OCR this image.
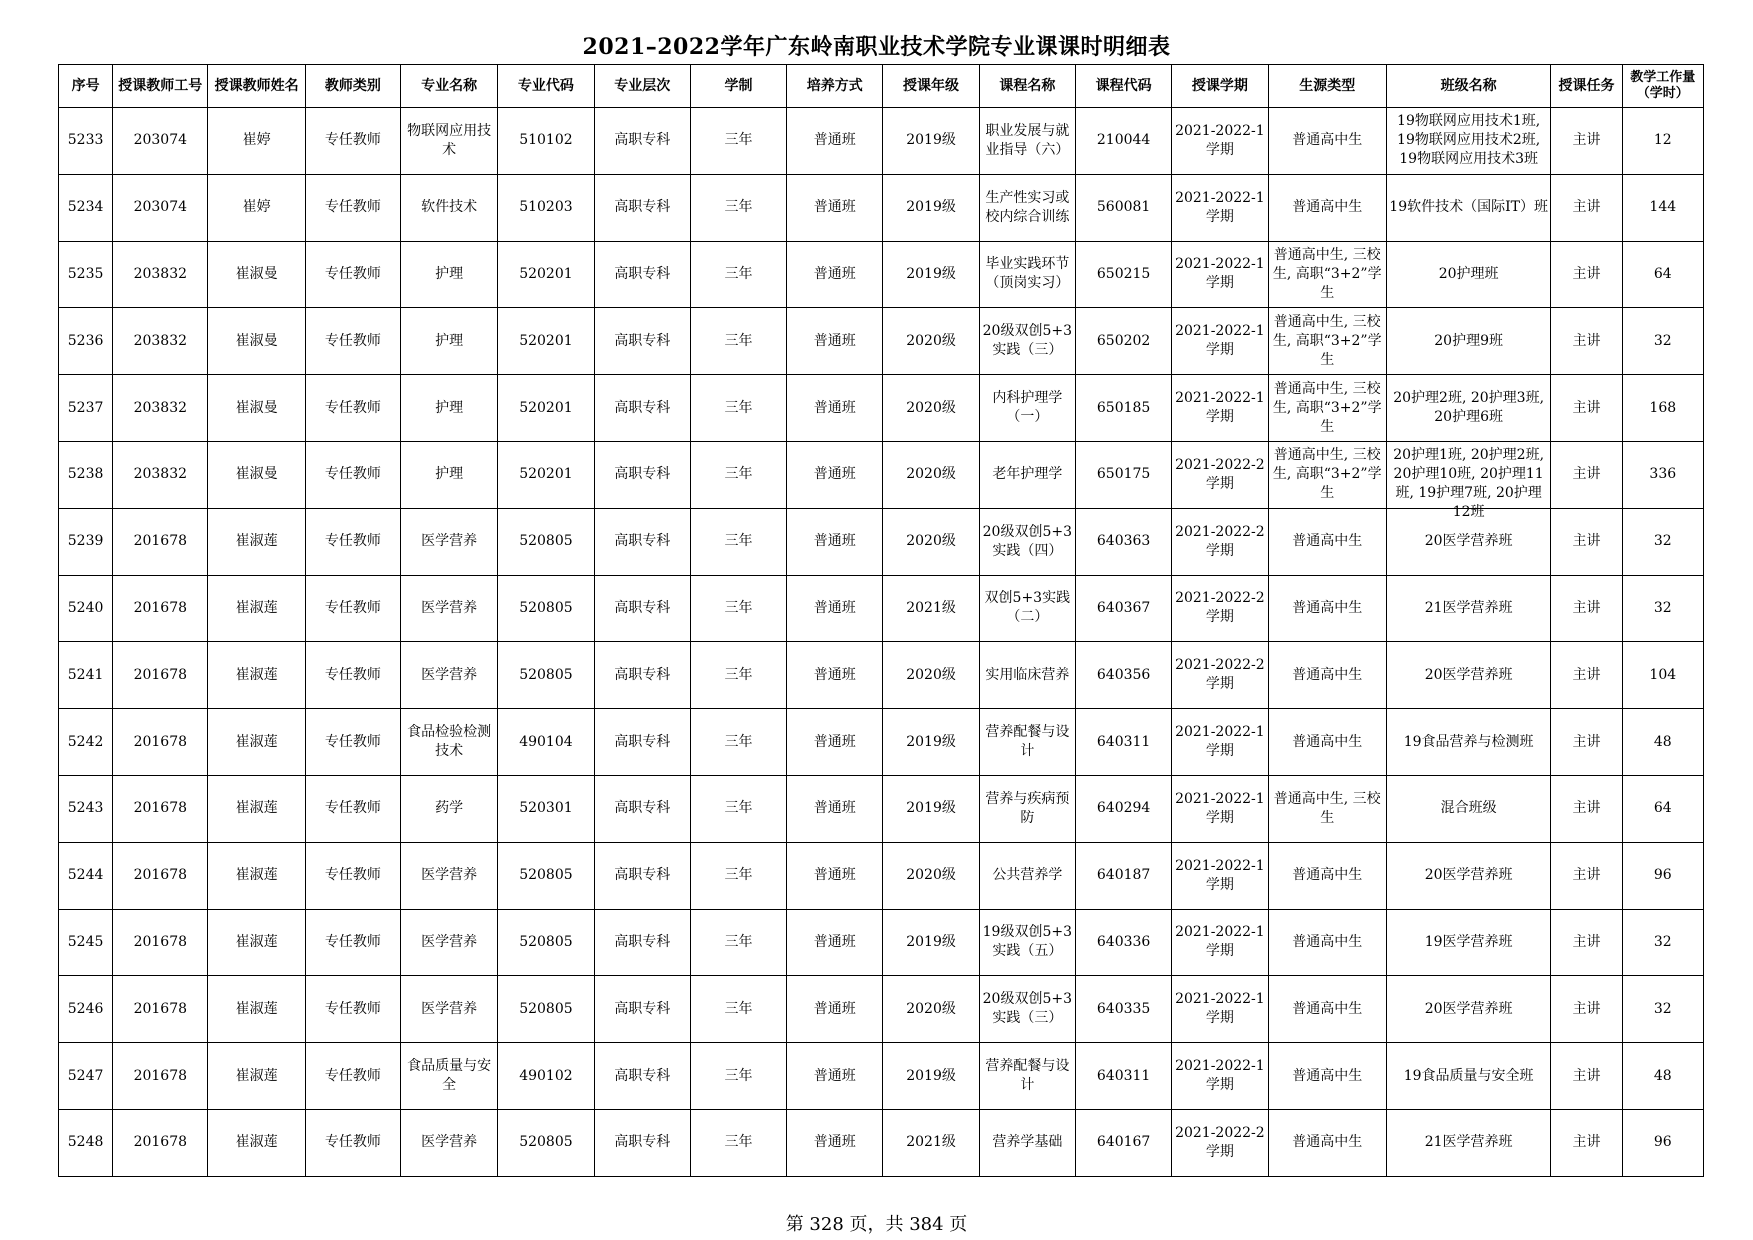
2021–2022学年广东岭南职业技术学院专业课课时明细表
序号	授课教师工号	授课教师姓名	教师类别	专业名称	专业代码	专业层次	学制	培养方式	授课年级	课程名称	课程代码	授课学期	生源类型	班级名称	授课任务	教学工作量（学时）

5233	203074	崔婷	专任教师	物联网应用技术	510102	高职专科	三年	普通班	2019级	职业发展与就业指导（六）	210044	2021-2022-1学期	普通高中生	19物联网应用技术1班, 19物联网应用技术2班, 19物联网应用技术3班	主讲	12

5234	203074	崔婷	专任教师	软件技术	510203	高职专科	三年	普通班	2019级	生产性实习或校内综合训练	560081	2021-2022-1学期	普通高中生	19软件技术（国际IT）班	主讲	144

5235	203832	崔淑曼	专任教师	护理	520201	高职专科	三年	普通班	2019级	毕业实践环节（顶岗实习）	650215	2021-2022-1学期	普通高中生, 三校生, 高职“3+2”学生	20护理班	主讲	64

5236	203832	崔淑曼	专任教师	护理	520201	高职专科	三年	普通班	2020级	20级双创5+3实践（三）	650202	2021-2022-1学期	普通高中生, 三校生, 高职“3+2”学生	20护理9班	主讲	32

5237	203832	崔淑曼	专任教师	护理	520201	高职专科	三年	普通班	2020级	内科护理学（一）	650185	2021-2022-1学期	普通高中生, 三校生, 高职“3+2”学生	20护理2班, 20护理3班, 20护理6班	主讲	168

5238	203832	崔淑曼	专任教师	护理	520201	高职专科	三年	普通班	2020级	老年护理学	650175	2021-2022-2学期	普通高中生, 三校生, 高职“3+2”学生	20护理1班, 20护理2班, 20护理10班, 20护理11班, 19护理7班, 20护理12班	主讲	336

5239	201678	崔淑莲	专任教师	医学营养	520805	高职专科	三年	普通班	2020级	20级双创5+3实践（四）	640363	2021-2022-2学期	普通高中生	20医学营养班	主讲	32

5240	201678	崔淑莲	专任教师	医学营养	520805	高职专科	三年	普通班	2021级	双创5+3实践（二）	640367	2021-2022-2学期	普通高中生	21医学营养班	主讲	32

5241	201678	崔淑莲	专任教师	医学营养	520805	高职专科	三年	普通班	2020级	实用临床营养	640356	2021-2022-2学期	普通高中生	20医学营养班	主讲	104

5242	201678	崔淑莲	专任教师	食品检验检测技术	490104	高职专科	三年	普通班	2019级	营养配餐与设计	640311	2021-2022-1学期	普通高中生	19食品营养与检测班	主讲	48

5243	201678	崔淑莲	专任教师	药学	520301	高职专科	三年	普通班	2019级	营养与疾病预防	640294	2021-2022-1学期	普通高中生, 三校生	混合班级	主讲	64

5244	201678	崔淑莲	专任教师	医学营养	520805	高职专科	三年	普通班	2020级	公共营养学	640187	2021-2022-1学期	普通高中生	20医学营养班	主讲	96

5245	201678	崔淑莲	专任教师	医学营养	520805	高职专科	三年	普通班	2019级	19级双创5+3实践（五）	640336	2021-2022-1学期	普通高中生	19医学营养班	主讲	32

5246	201678	崔淑莲	专任教师	医学营养	520805	高职专科	三年	普通班	2020级	20级双创5+3实践（三）	640335	2021-2022-1学期	普通高中生	20医学营养班	主讲	32

5247	201678	崔淑莲	专任教师	食品质量与安全	490102	高职专科	三年	普通班	2019级	营养配餐与设计	640311	2021-2022-1学期	普通高中生	19食品质量与安全班	主讲	48

5248	201678	崔淑莲	专任教师	医学营养	520805	高职专科	三年	普通班	2021级	营养学基础	640167	2021-2022-2学期	普通高中生	21医学营养班	主讲	96
第 328 页，共 384 页
